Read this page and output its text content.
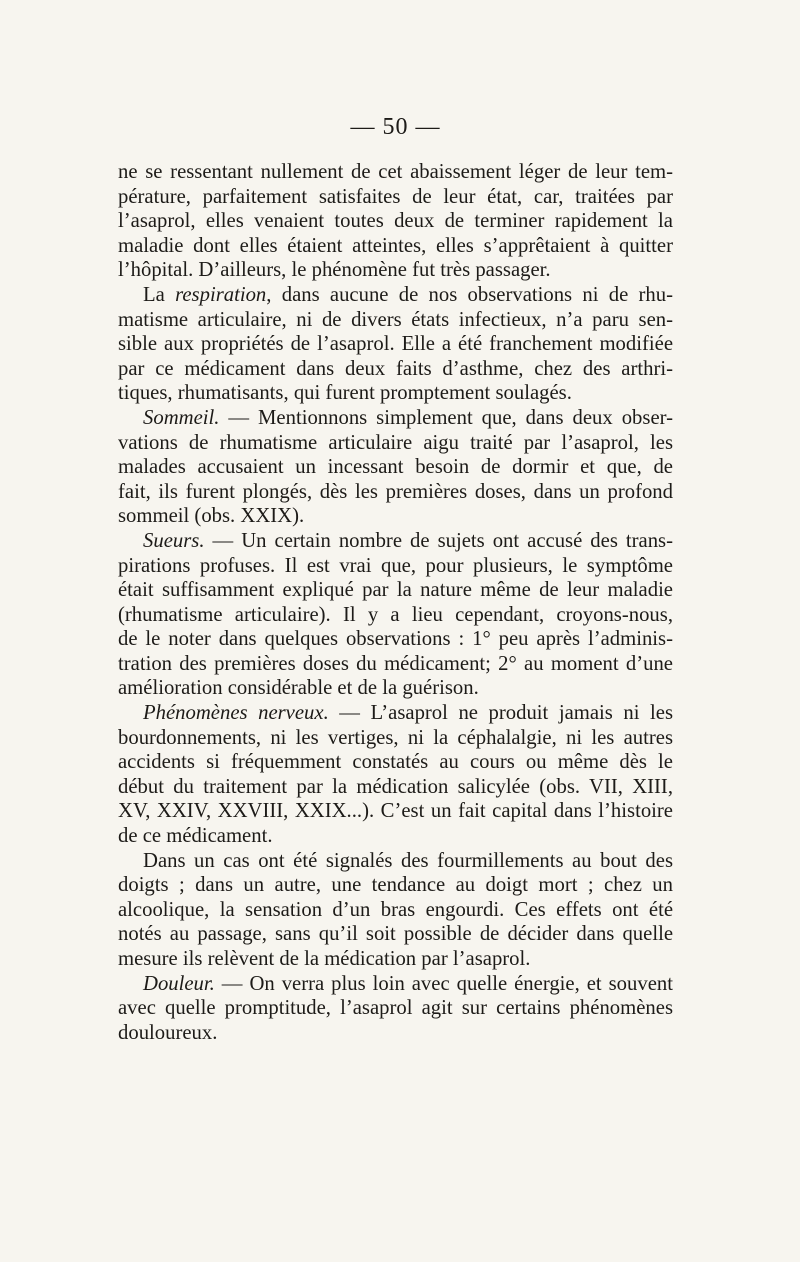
— 50 —
ne se ressentant nullement de cet abaissement léger de leur tem-
pérature, parfaitement satisfaites de leur état, car, traitées par
l’asaprol, elles venaient toutes deux de terminer rapidement la
maladie dont elles étaient atteintes, elles s’apprêtaient à quitter
l’hôpital. D’ailleurs, le phénomène fut très passager.
La respiration, dans aucune de nos observations ni de rhu-
matisme articulaire, ni de divers états infectieux, n’a paru sen-
sible aux propriétés de l’asaprol. Elle a été franchement modifiée
par ce médicament dans deux faits d’asthme, chez des arthri-
tiques, rhumatisants, qui furent promptement soulagés.
Sommeil. — Mentionnons simplement que, dans deux obser-
vations de rhumatisme articulaire aigu traité par l’asaprol, les
malades accusaient un incessant besoin de dormir et que, de
fait, ils furent plongés, dès les premières doses, dans un profond
sommeil (obs. XXIX).
Sueurs. — Un certain nombre de sujets ont accusé des trans-
pirations profuses. Il est vrai que, pour plusieurs, le symptôme
était suffisamment expliqué par la nature même de leur maladie
(rhumatisme articulaire). Il y a lieu cependant, croyons-nous,
de le noter dans quelques observations : 1° peu après l’adminis-
tration des premières doses du médicament; 2° au moment d’une
amélioration considérable et de la guérison.
Phénomènes nerveux. — L’asaprol ne produit jamais ni les
bourdonnements, ni les vertiges, ni la céphalalgie, ni les autres
accidents si fréquemment constatés au cours ou même dès le
début du traitement par la médication salicylée (obs. VII, XIII,
XV, XXIV, XXVIII, XXIX...). C’est un fait capital dans l’histoire
de ce médicament.
Dans un cas ont été signalés des fourmillements au bout des
doigts ; dans un autre, une tendance au doigt mort ; chez un
alcoolique, la sensation d’un bras engourdi. Ces effets ont été
notés au passage, sans qu’il soit possible de décider dans quelle
mesure ils relèvent de la médication par l’asaprol.
Douleur. — On verra plus loin avec quelle énergie, et souvent
avec quelle promptitude, l’asaprol agit sur certains phénomènes
douloureux.
